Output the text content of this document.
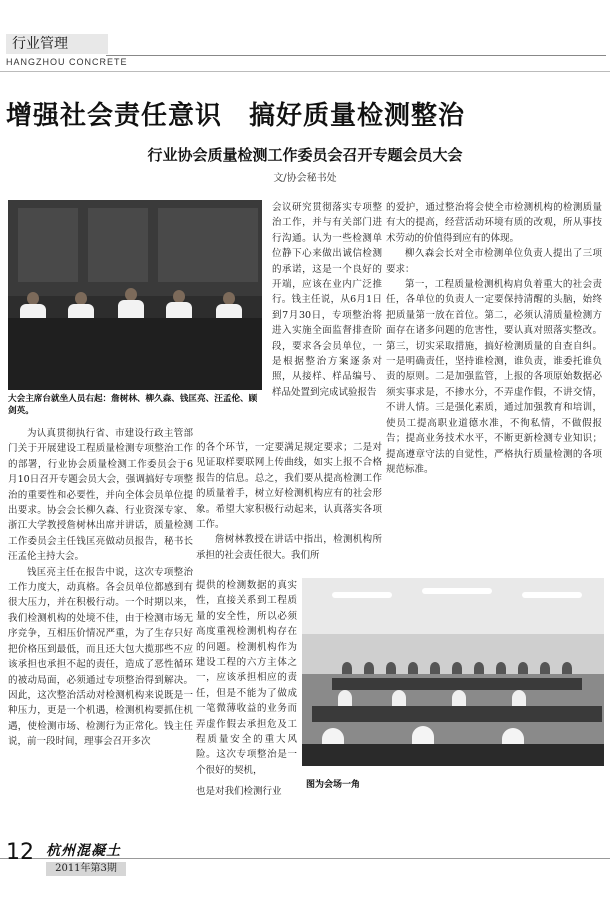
行业管理
HANGZHOU CONCRETE
增强社会责任意识　搞好质量检测整治
行业协会质量检测工作委员会召开专题会员大会
文/协会秘书处
大会主席台就坐人员右起：詹树林、柳久森、钱匡亮、汪孟伦、顾剑英。

为认真贯彻执行省、市建设行政主管部门关于开展建设工程质量检测专项整治工作的部署，行业协会质量检测工作委员会于6月10日召开专题会员大会，强调搞好专项整治的重要性和必要性，并向全体会员单位提出要求。协会会长柳久森、行业资深专家、浙江大学教授詹树林出席并讲话，质量检测工作委员会主任钱匡亮做动员报告，秘书长汪孟伦主持大会。

钱匡亮主任在报告中说，这次专项整治工作力度大，动真格。各会员单位都感到有很大压力，并在积极行动。一个时期以来，我们检测机构的处境不佳，由于检测市场无序竞争，互相压价情况严重，为了生存只好把价格压到最低，而且还大包大揽那些不应该承担也承担不起的责任，造成了恶性循环的被动局面，必须通过专项整治得到解决。因此，这次整治活动对检测机构来说既是一种压力，更是一个机遇，检测机构要抓住机遇，使检测市场、检测行为正常化。钱主任说，前一段时间，理事会召开多次

会议研究贯彻落实专项整治工作，并与有关部门进行沟通。认为一些检测单位静下心来做出诚信检测的承诺，这是一个良好的开端，应该在业内广泛推行。钱主任说，从6月1日到7月30日，专项整治将进入实施全面监督排查阶段，要求各会员单位，一是根据整治方案逐条对照，从接样、样品编号、样品处置到完成试验报告

的各个环节，一定要满足规定要求；二是对见证取样要联网上传曲线，如实上报不合格报告的信息。总之，我们要从提高检测工作的质量着手，树立好检测机构应有的社会形象。希望大家积极行动起来，认真落实各项工作。

詹树林教授在讲话中指出，检测机构所承担的社会责任很大。我们所

提供的检测数据的真实性，直接关系到工程质量的安全性，所以必须高度重视检测机构存在的问题。检测机构作为建设工程的六方主体之一，应该承担相应的责任，但是不能为了做成一笔微薄收益的业务而弄虚作假去承担危及工程质量安全的重大风险。这次专项整治是一个很好的契机，

也是对我们检测行业

的爱护，通过整治将会使全市检测机构的检测质量有大的提高，经营活动环境有质的改观，所从事技术劳动的价值得到应有的体现。

柳久森会长对全市检测单位负责人提出了三项要求：

第一，工程质量检测机构肩负着重大的社会责任，各单位的负责人一定要保持清醒的头脑，始终把质量第一放在首位。第二，必须认清质量检测方面存在诸多问题的危害性，要认真对照落实整改。第三，切实采取措施，搞好检测质量的自查自纠。一是明确责任，坚持谁检测，谁负责，谁委托谁负责的原则。二是加强监管，上报的各项原始数据必须实事求是，不掺水分，不弄虚作假，不讲交情，不讲人情。三是强化素质，通过加强教育和培训，使员工提高职业道德水准，不徇私情，不做假报告；提高业务技术水平，不断更新检测专业知识；提高遵章守法的自觉性，严格执行质量检测的各项规范标准。

图为会场一角
12 杭州混凝土
2011年第3期
